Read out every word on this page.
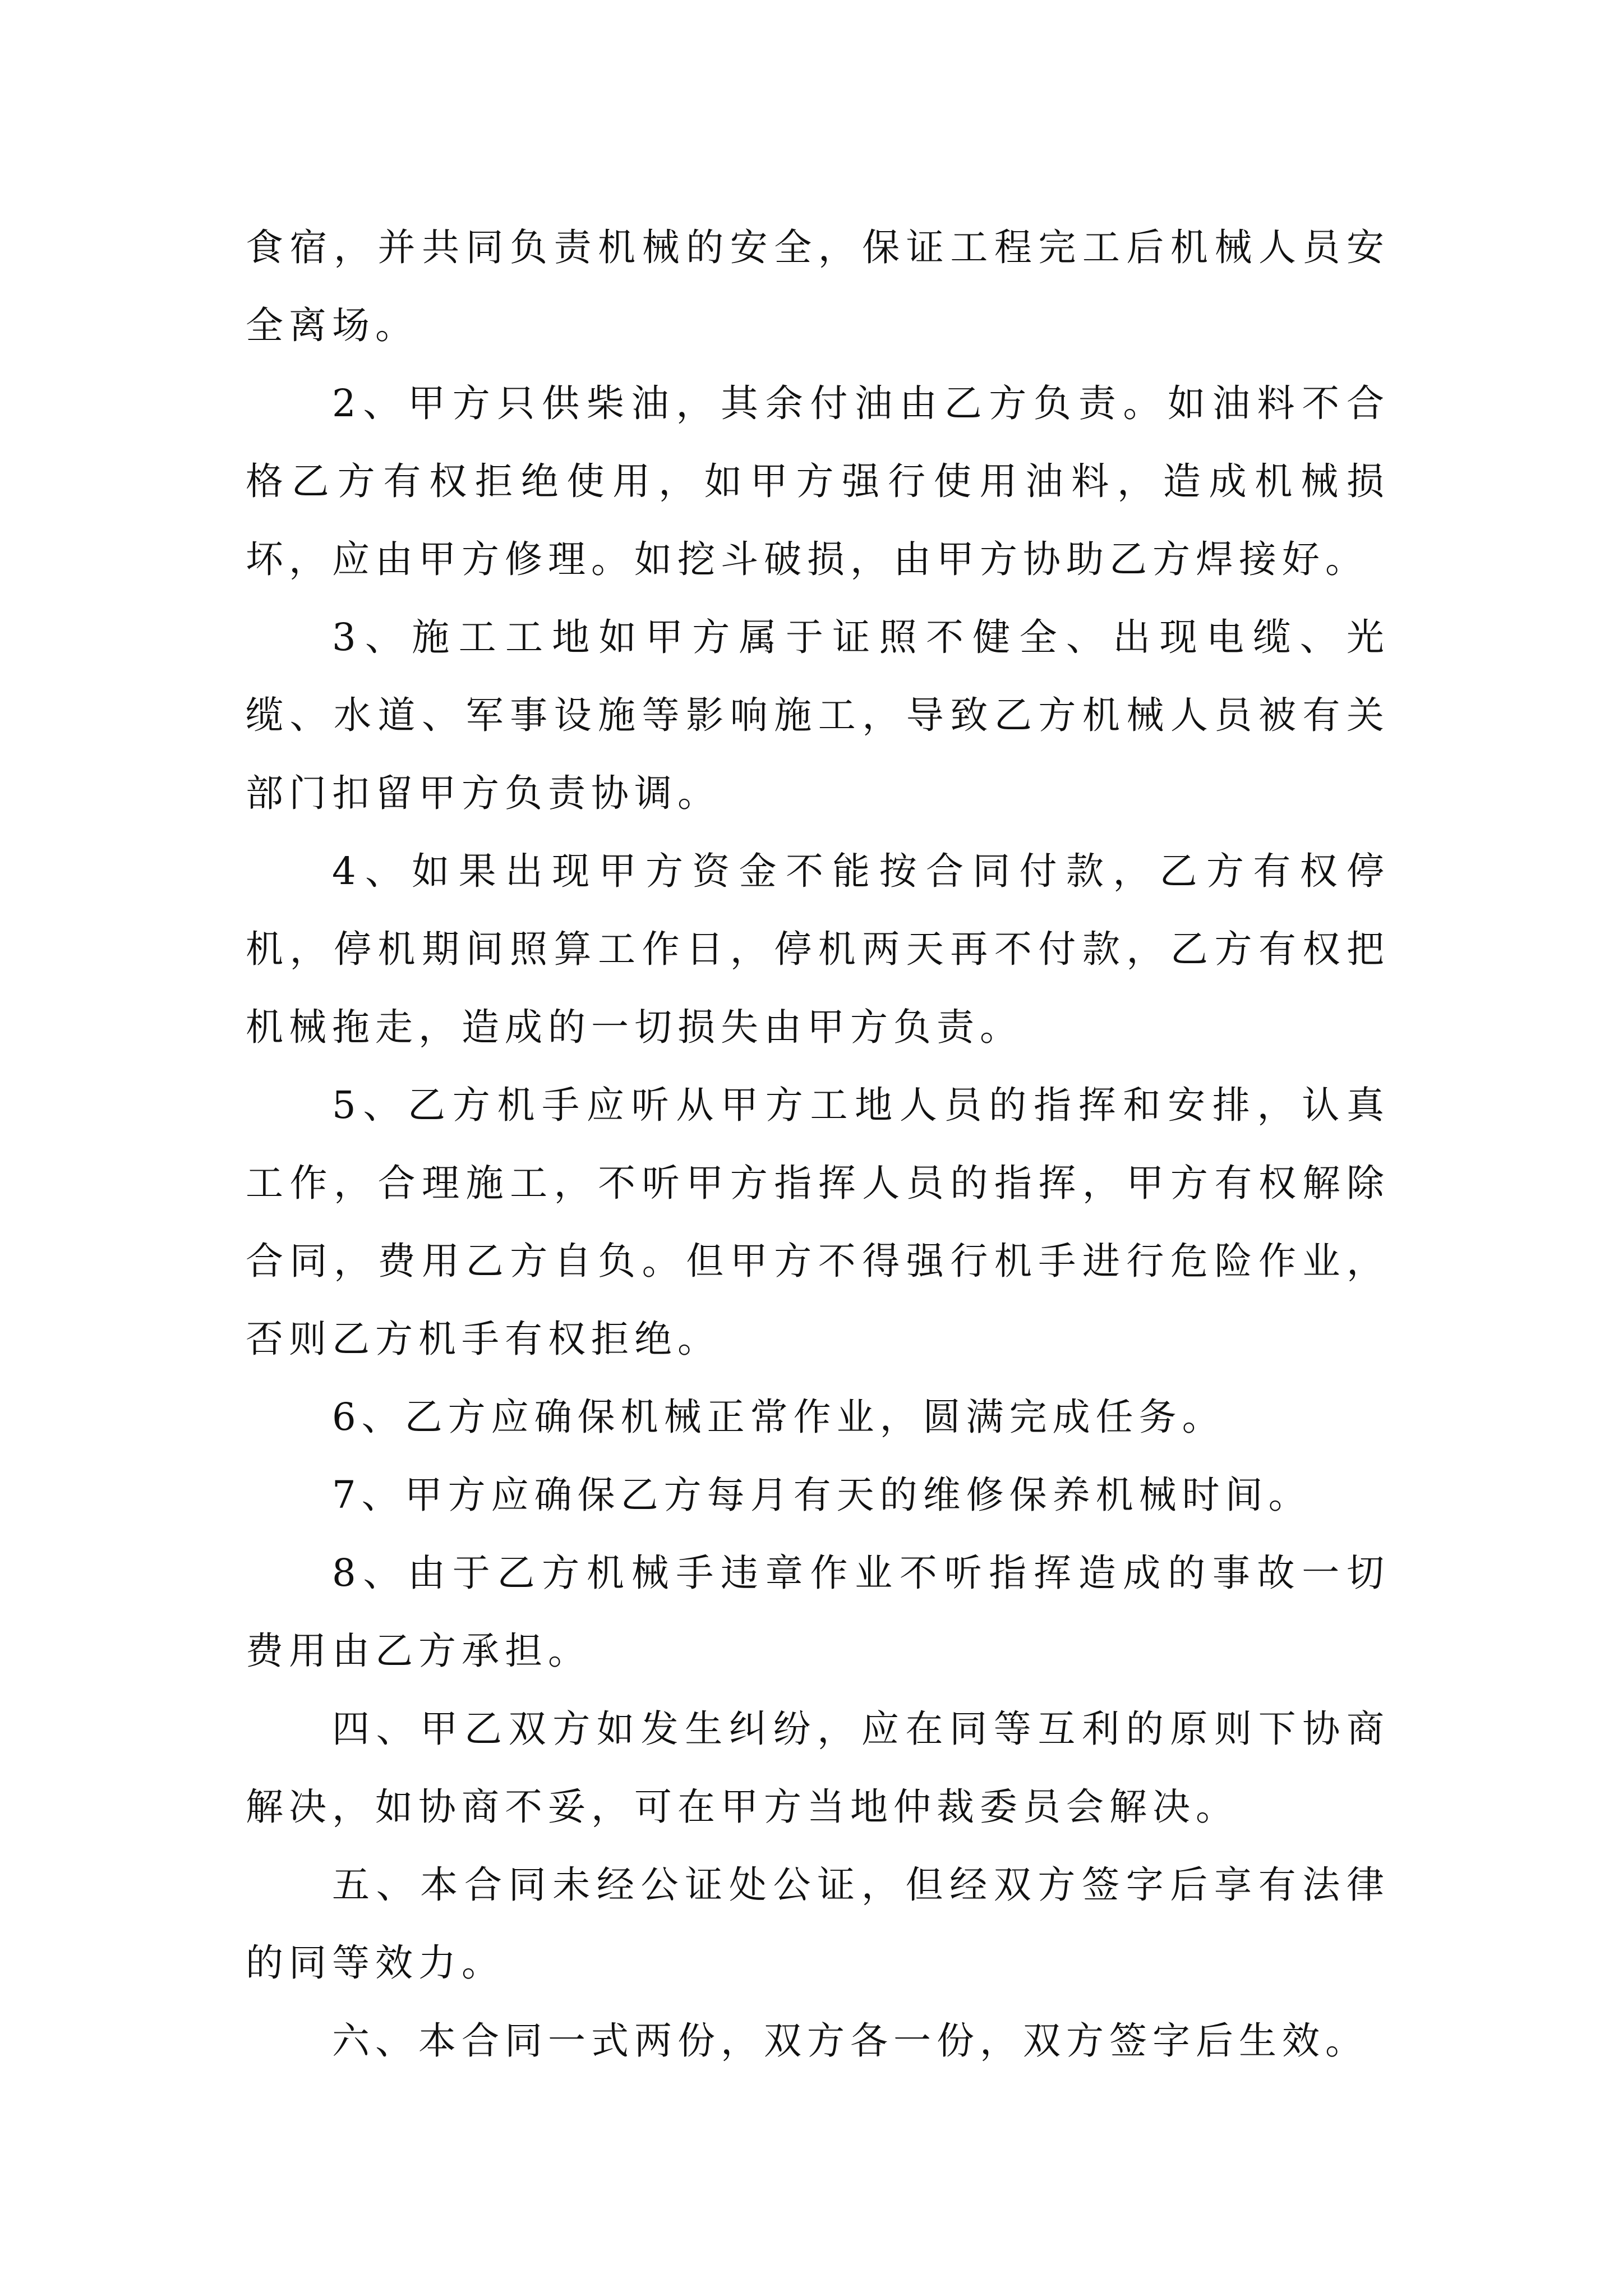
食宿，并共同负责机械的安全，保证工程完工后机械人员安全离场。

2、甲方只供柴油，其余付油由乙方负责。如油料不合格乙方有权拒绝使用，如甲方强行使用油料，造成机械损坏，应由甲方修理。如挖斗破损，由甲方协助乙方焊接好。

3、施工工地如甲方属于证照不健全、出现电缆、光缆、水道、军事设施等影响施工，导致乙方机械人员被有关部门扣留甲方负责协调。

4、如果出现甲方资金不能按合同付款，乙方有权停机，停机期间照算工作日，停机两天再不付款，乙方有权把机械拖走，造成的一切损失由甲方负责。

5、乙方机手应听从甲方工地人员的指挥和安排，认真工作，合理施工，不听甲方指挥人员的指挥，甲方有权解除合同，费用乙方自负。但甲方不得强行机手进行危险作业，否则乙方机手有权拒绝。

6、乙方应确保机械正常作业，圆满完成任务。

7、甲方应确保乙方每月有天的维修保养机械时间。

8、由于乙方机械手违章作业不听指挥造成的事故一切费用由乙方承担。

四、甲乙双方如发生纠纷，应在同等互利的原则下协商解决，如协商不妥，可在甲方当地仲裁委员会解决。

五、本合同未经公证处公证，但经双方签字后享有法律的同等效力。

六、本合同一式两份，双方各一份，双方签字后生效。
